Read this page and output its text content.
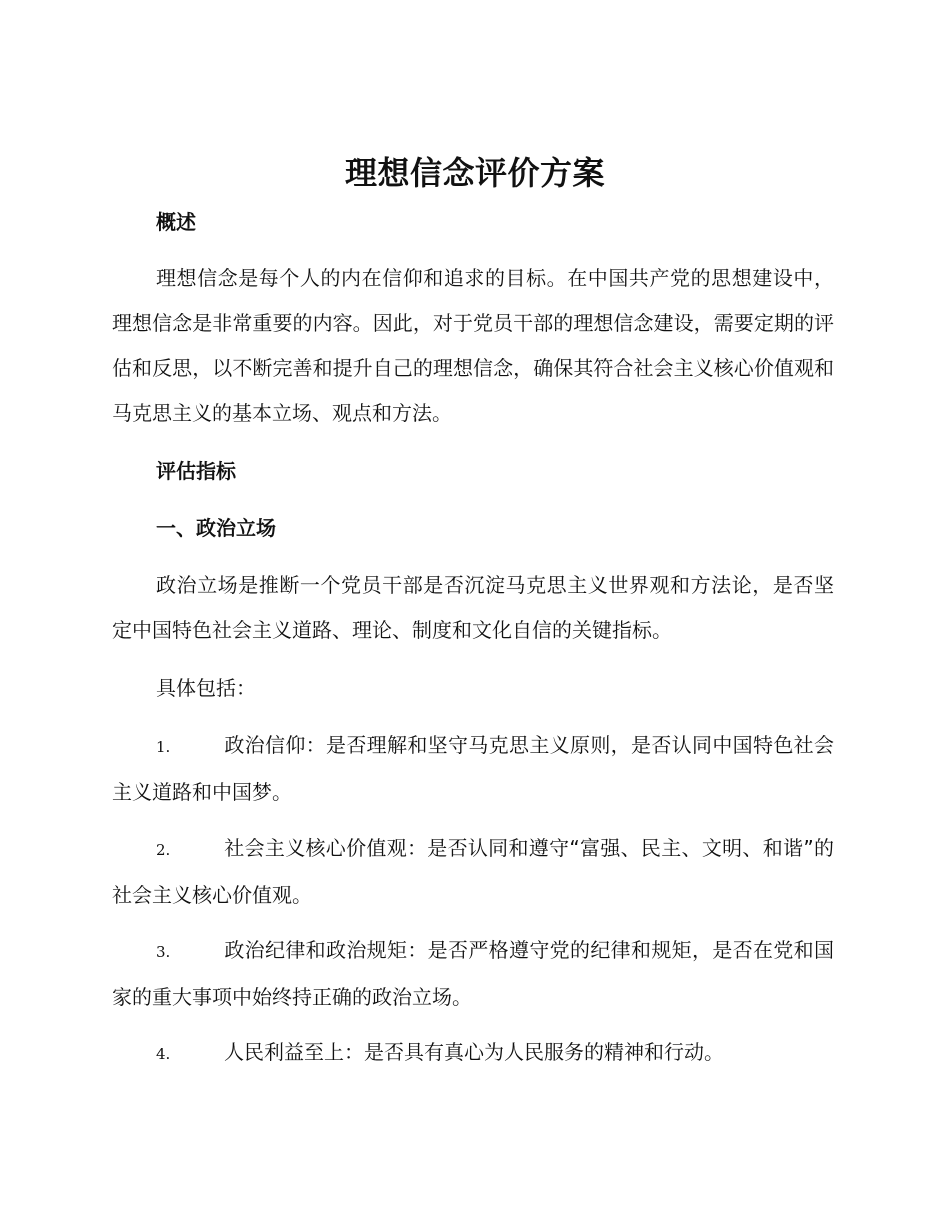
理想信念评价方案
概述
理想信念是每个人的内在信仰和追求的目标。在中国共产党的思想建设中，理想信念是非常重要的内容。因此，对于党员干部的理想信念建设，需要定期的评估和反思，以不断完善和提升自己的理想信念，确保其符合社会主义核心价值观和马克思主义的基本立场、观点和方法。
评估指标
一、政治立场
政治立场是推断一个党员干部是否沉淀马克思主义世界观和方法论，是否坚定中国特色社会主义道路、理论、制度和文化自信的关键指标。
具体包括：
1.	政治信仰：是否理解和坚守马克思主义原则，是否认同中国特色社会主义道路和中国梦。
2.	社会主义核心价值观：是否认同和遵守“富强、民主、文明、和谐”的社会主义核心价值观。
3.	政治纪律和政治规矩：是否严格遵守党的纪律和规矩，是否在党和国家的重大事项中始终持正确的政治立场。
4.	人民利益至上：是否具有真心为人民服务的精神和行动。
